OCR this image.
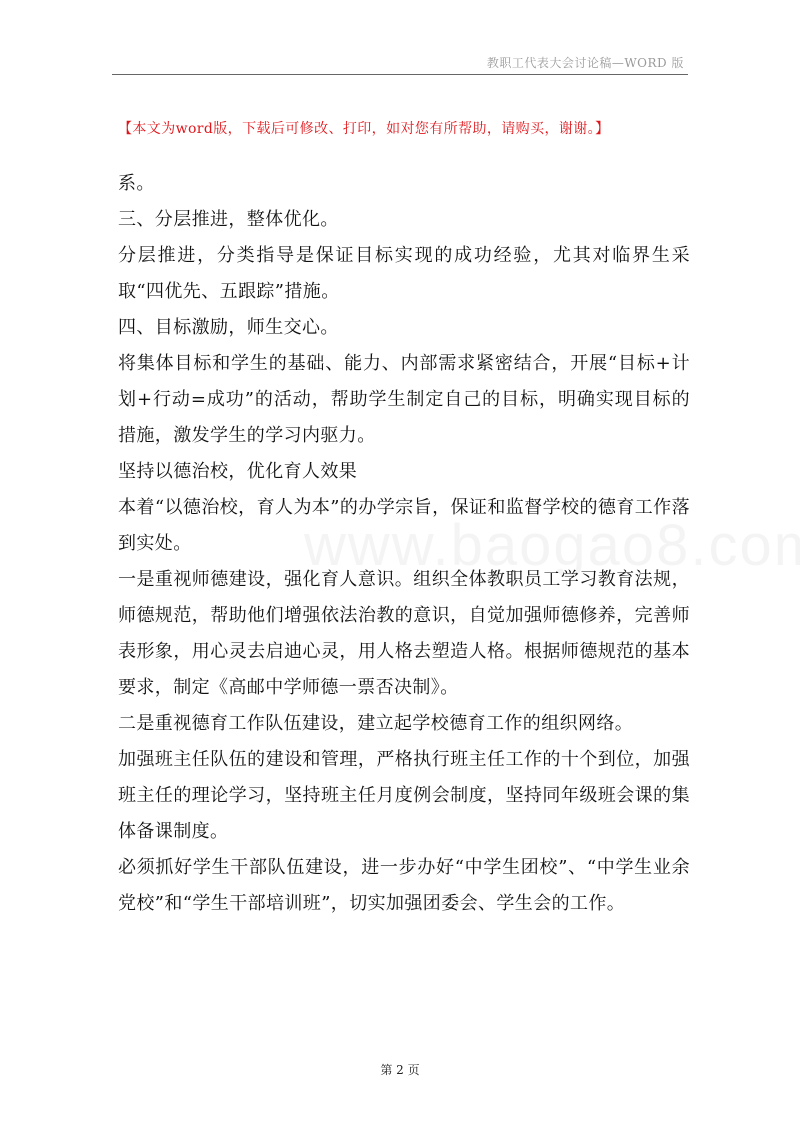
教职工代表大会讨论稿—WORD 版
【本文为word版，下载后可修改、打印，如对您有所帮助，请购买，谢谢。】

系。

三、分层推进，整体优化。

分层推进，分类指导是保证目标实现的成功经验，尤其对临界生采取“四优先、五跟踪”措施。

四、目标激励，师生交心。

将集体目标和学生的基础、能力、内部需求紧密结合，开展“目标+计划+行动=成功”的活动，帮助学生制定自己的目标，明确实现目标的措施，激发学生的学习内驱力。

坚持以德治校，优化育人效果

本着“以德治校，育人为本”的办学宗旨，保证和监督学校的德育工作落到实处。

一是重视师德建设，强化育人意识。组织全体教职员工学习教育法规，师德规范，帮助他们增强依法治教的意识，自觉加强师德修养，完善师表形象，用心灵去启迪心灵，用人格去塑造人格。根据师德规范的基本要求，制定《高邮中学师德一票否决制》。

二是重视德育工作队伍建设，建立起学校德育工作的组织网络。

加强班主任队伍的建设和管理，严格执行班主任工作的十个到位，加强班主任的理论学习，坚持班主任月度例会制度，坚持同年级班会课的集体备课制度。

必须抓好学生干部队伍建设，进一步办好“中学生团校”、“中学生业余党校”和“学生干部培训班”，切实加强团委会、学生会的工作。

第 2 页
